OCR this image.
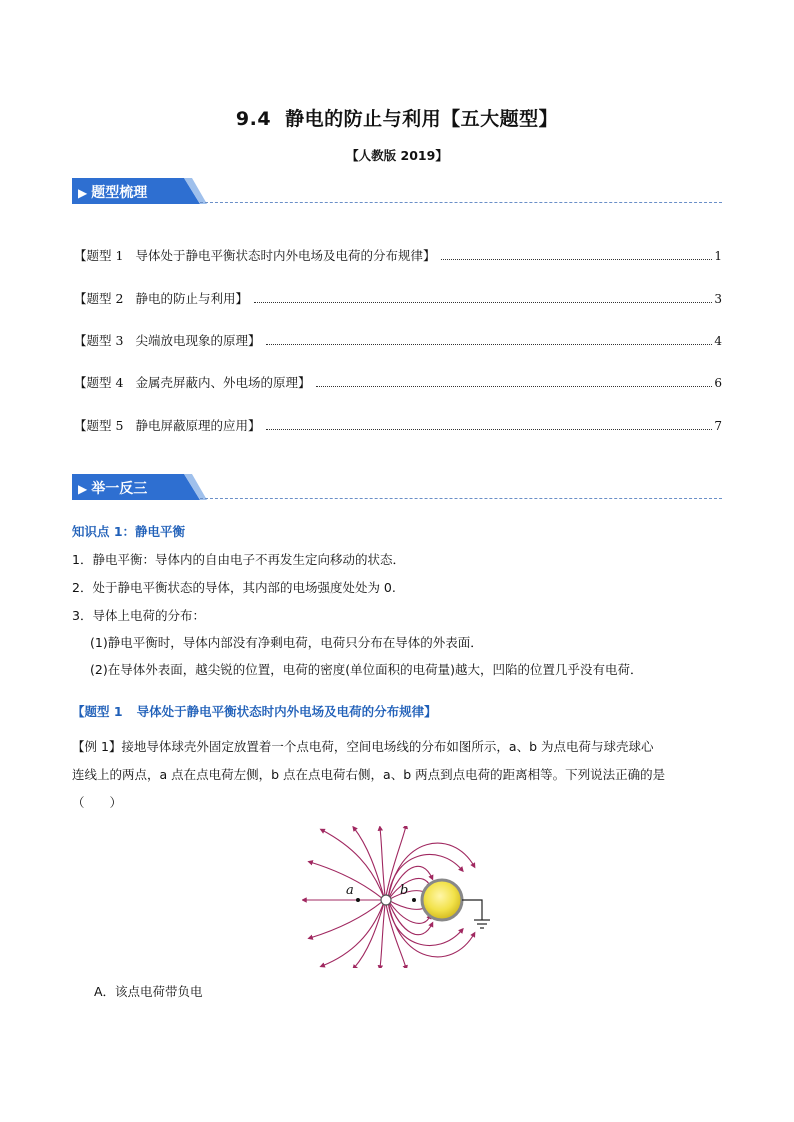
9.4 静电的防止与利用【五大题型】
【人教版 2019】
▶ 题型梳理
【题型 1 导体处于静电平衡状态时内外电场及电荷的分布规律】	1
【题型 2 静电的防止与利用】	3
【题型 3 尖端放电现象的原理】	4
【题型 4 金属壳屏蔽内、外电场的原理】	6
【题型 5 静电屏蔽原理的应用】	7
▶ 举一反三
知识点 1：静电平衡
1．静电平衡：导体内的自由电子不再发生定向移动的状态．
2．处于静电平衡状态的导体，其内部的电场强度处处为 0.
3．导体上电荷的分布：
(1)静电平衡时，导体内部没有净剩电荷，电荷只分布在导体的外表面．
(2)在导体外表面，越尖锐的位置，电荷的密度(单位面积的电荷量)越大，凹陷的位置几乎没有电荷．
【题型 1 导体处于静电平衡状态时内外电场及电荷的分布规律】
【例 1】接地导体球壳外固定放置着一个点电荷，空间电场线的分布如图所示，a、b 为点电荷与球壳球心
连线上的两点，a 点在点电荷左侧，b 点在点电荷右侧，a、b 两点到点电荷的距离相等。下列说法正确的是
（　　）
a	b
A．该点电荷带负电
